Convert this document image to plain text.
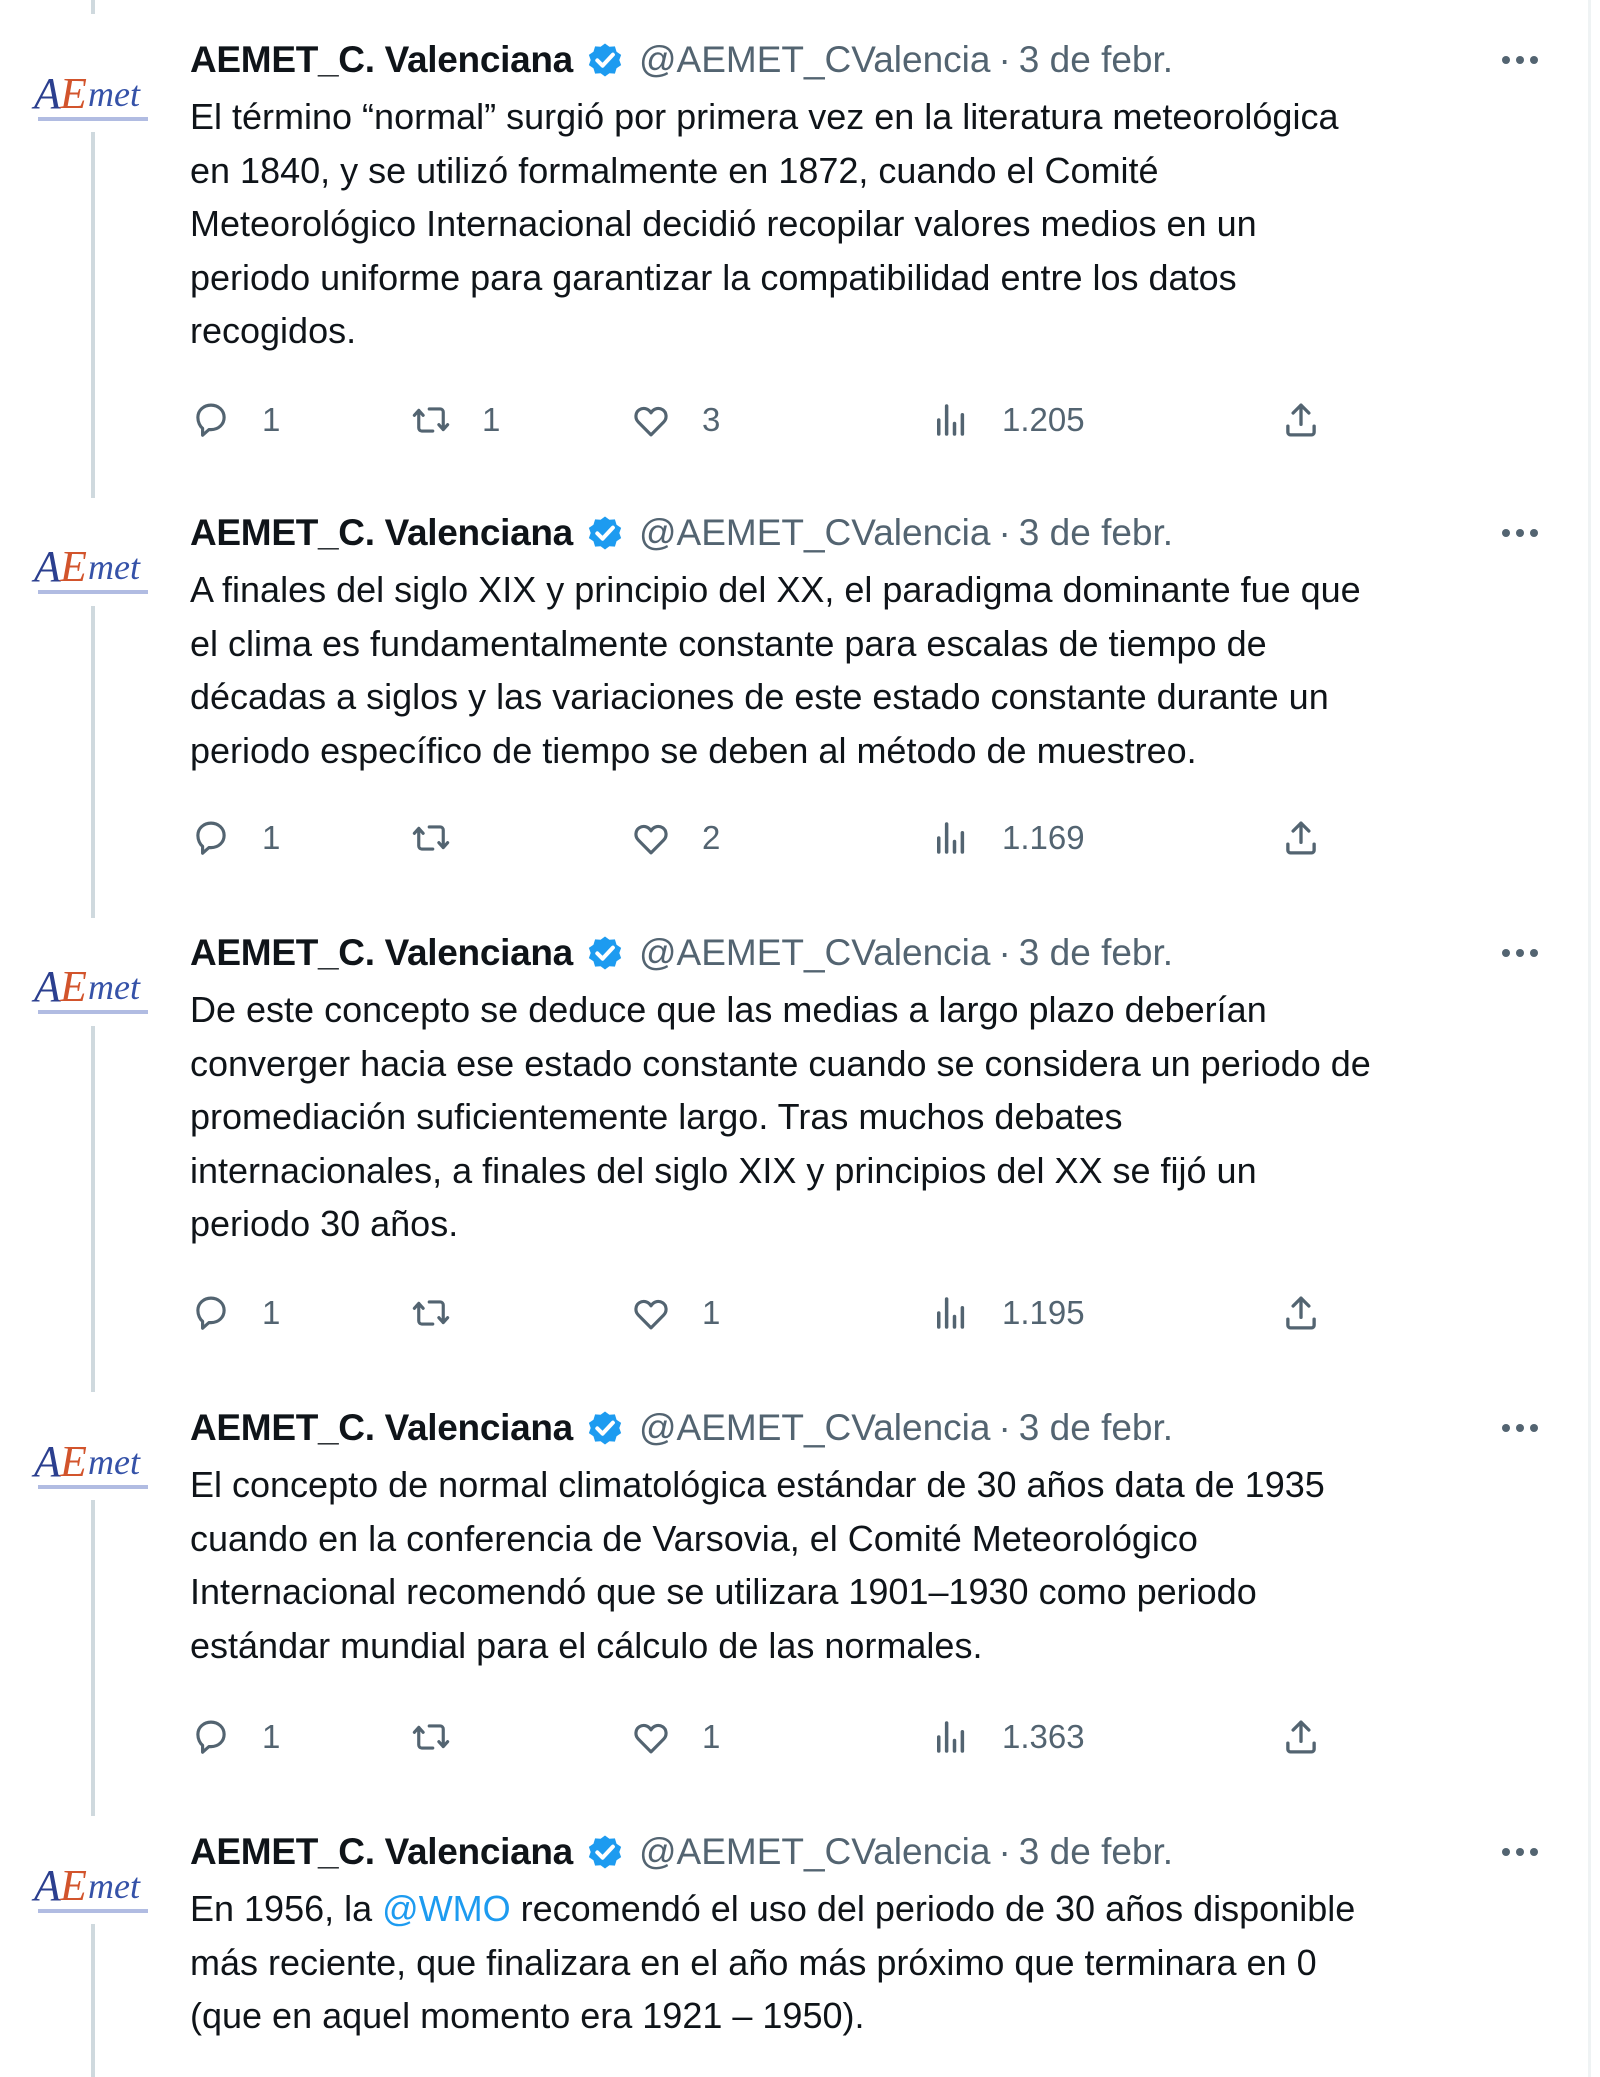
AEMET_C. Valenciana @AEMET_CValencia · 3 de febr.
El término “normal” surgió por primera vez en la literatura meteorológica
en 1840, y se utilizó formalmente en 1872, cuando el Comité
Meteorológico Internacional decidió recopilar valores medios en un
periodo uniforme para garantizar la compatibilidad entre los datos
recogidos.
1	1	3	1.205
AEMET_C. Valenciana @AEMET_CValencia · 3 de febr.
A finales del siglo XIX y principio del XX, el paradigma dominante fue que
el clima es fundamentalmente constante para escalas de tiempo de
décadas a siglos y las variaciones de este estado constante durante un
periodo específico de tiempo se deben al método de muestreo.
1	2	1.169
AEMET_C. Valenciana @AEMET_CValencia · 3 de febr.
De este concepto se deduce que las medias a largo plazo deberían
converger hacia ese estado constante cuando se considera un periodo de
promediación suficientemente largo. Tras muchos debates
internacionales, a finales del siglo XIX y principios del XX se fijó un
periodo 30 años.
1	1	1.195
AEMET_C. Valenciana @AEMET_CValencia · 3 de febr.
El concepto de normal climatológica estándar de 30 años data de 1935
cuando en la conferencia de Varsovia, el Comité Meteorológico
Internacional recomendó que se utilizara 1901–1930 como periodo
estándar mundial para el cálculo de las normales.
1	1	1.363
AEMET_C. Valenciana @AEMET_CValencia · 3 de febr.
En 1956, la @WMO recomendó el uso del periodo de 30 años disponible
más reciente, que finalizara en el año más próximo que terminara en 0
(que en aquel momento era 1921 – 1950).
